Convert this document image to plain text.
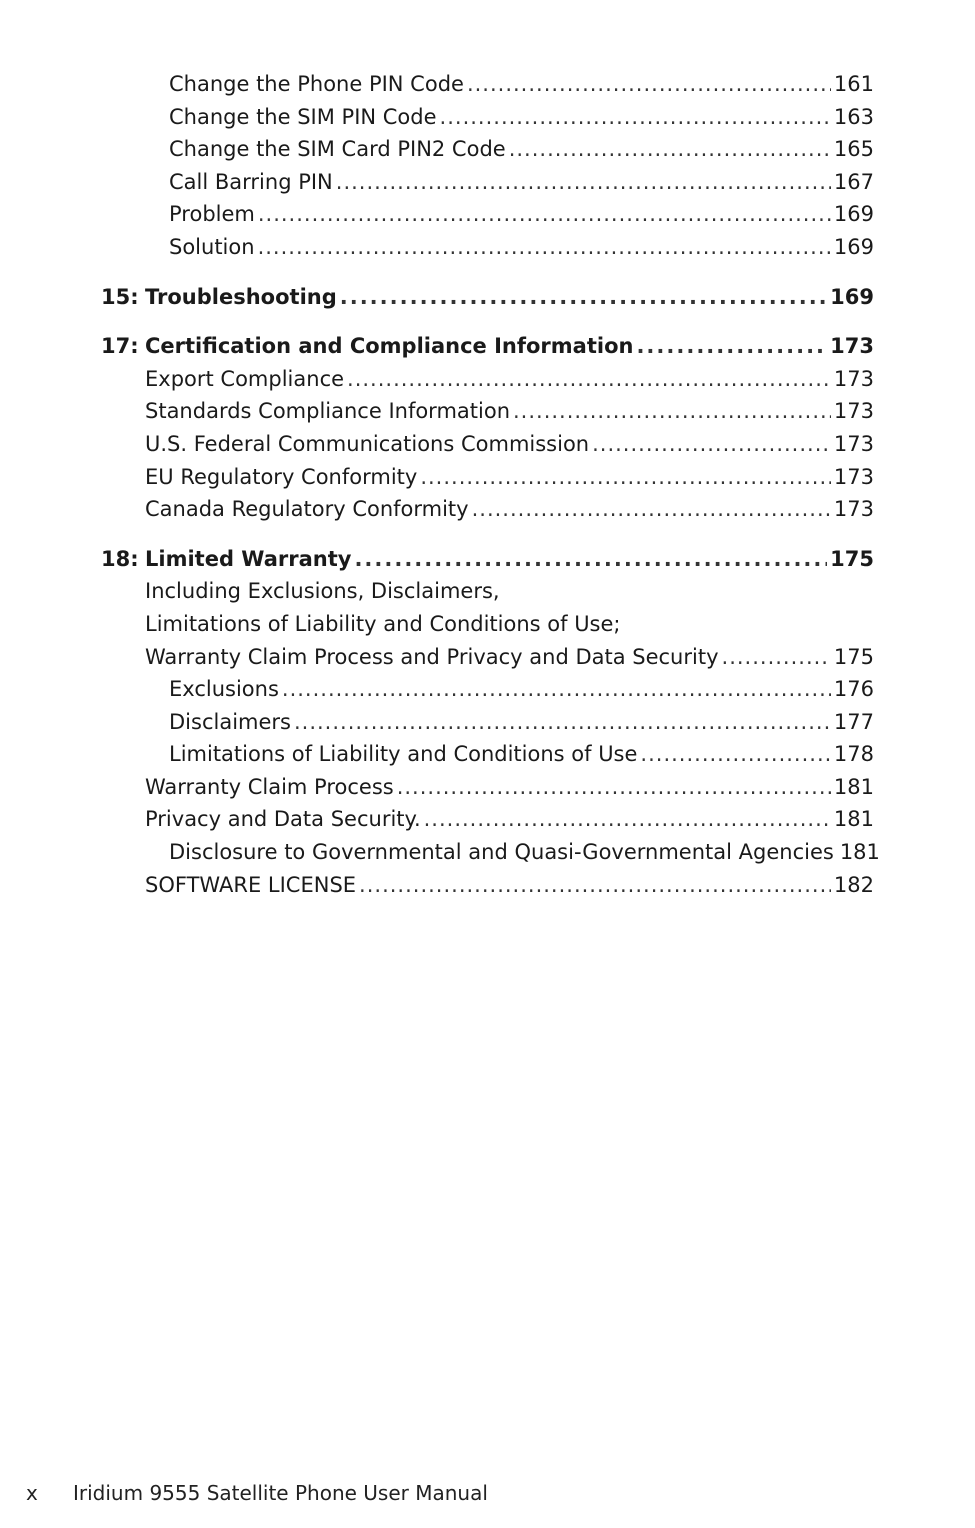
Change the Phone PIN Code .....	161
Change the SIM PIN Code .....	163
Change the SIM Card PIN2 Code .....	165
Call Barring PIN .....	167
Problem .....	169
Solution .....	169
15: Troubleshooting .....	169
17: Certification and Compliance Information .....	173
Export Compliance .....	173
Standards Compliance Information .....	173
U.S. Federal Communications Commission .....	173
EU Regulatory Conformity .....	173
Canada Regulatory Conformity .....	173
18: Limited Warranty .....	175
Including Exclusions, Disclaimers,
Limitations of Liability and Conditions of Use;
Warranty Claim Process and Privacy and Data Security .....	175
Exclusions .....	176
Disclaimers .....	177
Limitations of Liability and Conditions of Use .....	178
Warranty Claim Process .....	181
Privacy and Data Security. .....	181
Disclosure to Governmental and Quasi-Governmental Agencies 181
SOFTWARE LICENSE .....	182
x Iridium 9555 Satellite Phone User Manual
